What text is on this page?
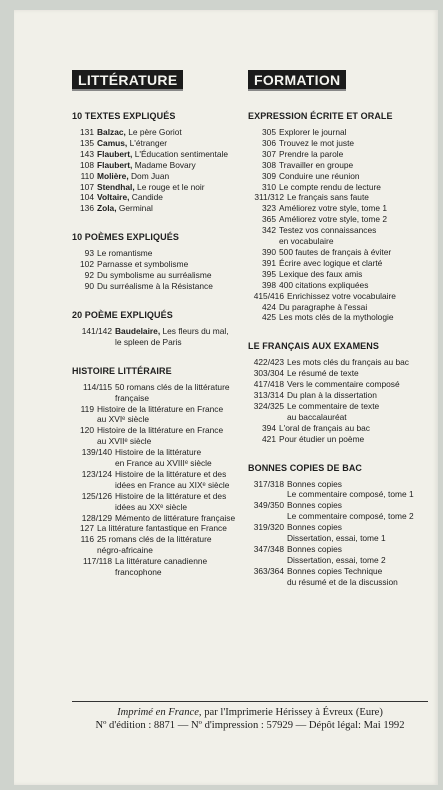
LITTÉRATURE
10 TEXTES EXPLIQUÉS
131 Balzac, Le père Goriot
135 Camus, L'étranger
143 Flaubert, L'Éducation sentimentale
108 Flaubert, Madame Bovary
110 Molière, Dom Juan
107 Stendhal, Le rouge et le noir
104 Voltaire, Candide
136 Zola, Germinal
10 POÈMES EXPLIQUÉS
93 Le romantisme
102 Parnasse et symbolisme
92 Du symbolisme au surréalisme
90 Du surréalisme à la Résistance
20 POÈME EXPLIQUÉS
141/142 Baudelaire, Les fleurs du mal,
le spleen de Paris
HISTOIRE LITTÉRAIRE
114/115 50 romans clés de la littérature
française
119 Histoire de la littérature en France
au XVIᵉ siècle
120 Histoire de la littérature en France
au XVIIᵉ siècle
139/140 Histoire de la littérature
en France au XVIIIᵉ siècle
123/124 Histoire de la littérature et des
idées en France au XIXᵉ siècle
125/126 Histoire de la littérature et des
idées au XXᵉ siècle
128/129 Mémento de littérature française
127 La littérature fantastique en France
116 25 romans clés de la littérature
négro-africaine
117/118 La littérature canadienne
francophone
FORMATION
EXPRESSION ÉCRITE ET ORALE
305 Explorer le journal
306 Trouvez le mot juste
307 Prendre la parole
308 Travailler en groupe
309 Conduire une réunion
310 Le compte rendu de lecture
311/312 Le français sans faute
323 Améliorez votre style, tome 1
365 Améliorez votre style, tome 2
342 Testez vos connaissances
en vocabulaire
390 500 fautes de français à éviter
391 Écrire avec logique et clarté
395 Lexique des faux amis
398 400 citations expliquées
415/416 Enrichissez votre vocabulaire
424 Du paragraphe à l'essai
425 Les mots clés de la mythologie
LE FRANÇAIS AUX EXAMENS
422/423 Les mots clés du français au bac
303/304 Le résumé de texte
417/418 Vers le commentaire composé
313/314 Du plan à la dissertation
324/325 Le commentaire de texte
au baccalauréat
394 L'oral de français au bac
421 Pour étudier un poème
BONNES COPIES DE BAC
317/318 Bonnes copies
Le commentaire composé, tome 1
349/350 Bonnes copies
Le commentaire composé, tome 2
319/320 Bonnes copies
Dissertation, essai, tome 1
347/348 Bonnes copies
Dissertation, essai, tome 2
363/364 Bonnes copies Technique
du résumé et de la discussion
Imprimé en France, par l'Imprimerie Hérissey à Évreux (Eure)
Nº d'édition : 8871 — Nº d'impression : 57929 — Dépôt légal: Mai 1992
